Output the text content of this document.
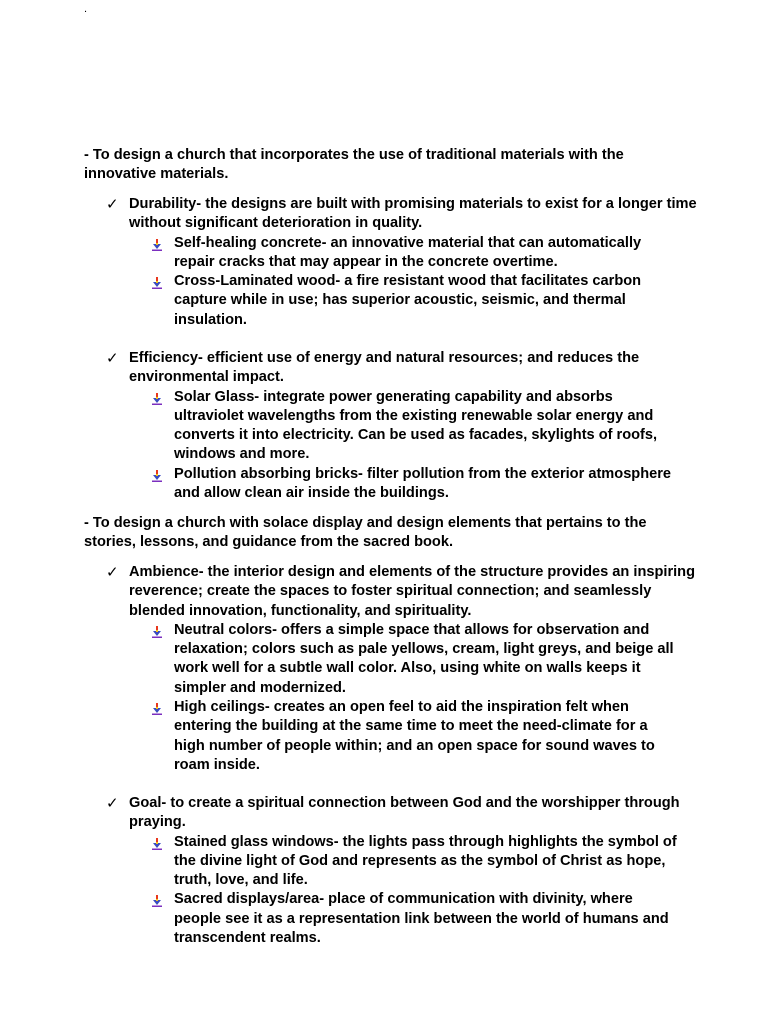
.

- To design a church that incorporates the use of traditional materials with the innovative materials.

✓ Durability- the designs are built with promising materials to exist for a longer time without significant deterioration in quality.
Self-healing concrete- an innovative material that can automatically repair cracks that may appear in the concrete overtime.
Cross-Laminated wood- a fire resistant wood that facilitates carbon capture while in use; has superior acoustic, seismic, and thermal insulation.
✓ Efficiency- efficient use of energy and natural resources; and reduces the environmental impact.
Solar Glass- integrate power generating capability and absorbs ultraviolet wavelengths from the existing renewable solar energy and converts it into electricity. Can be used as facades, skylights of roofs, windows and more.
Pollution absorbing bricks- filter pollution from the exterior atmosphere and allow clean air inside the buildings.

- To design a church with solace display and design elements that pertains to the stories, lessons, and guidance from the sacred book.

✓ Ambience- the interior design and elements of the structure provides an inspiring reverence; create the spaces to foster spiritual connection; and seamlessly blended innovation, functionality, and spirituality.
Neutral colors- offers a simple space that allows for observation and relaxation; colors such as pale yellows, cream, light greys, and beige all work well for a subtle wall color. Also, using white on walls keeps it simpler and modernized.
High ceilings- creates an open feel to aid the inspiration felt when entering the building at the same time to meet the need-climate for a high number of people within; and an open space for sound waves to roam inside.
✓ Goal- to create a spiritual connection between God and the worshipper through praying.
Stained glass windows- the lights pass through highlights the symbol of the divine light of God and represents as the symbol of Christ as hope, truth, love, and life.
Sacred displays/area- place of communication with divinity, where people see it as a representation link between the world of humans and transcendent realms.
